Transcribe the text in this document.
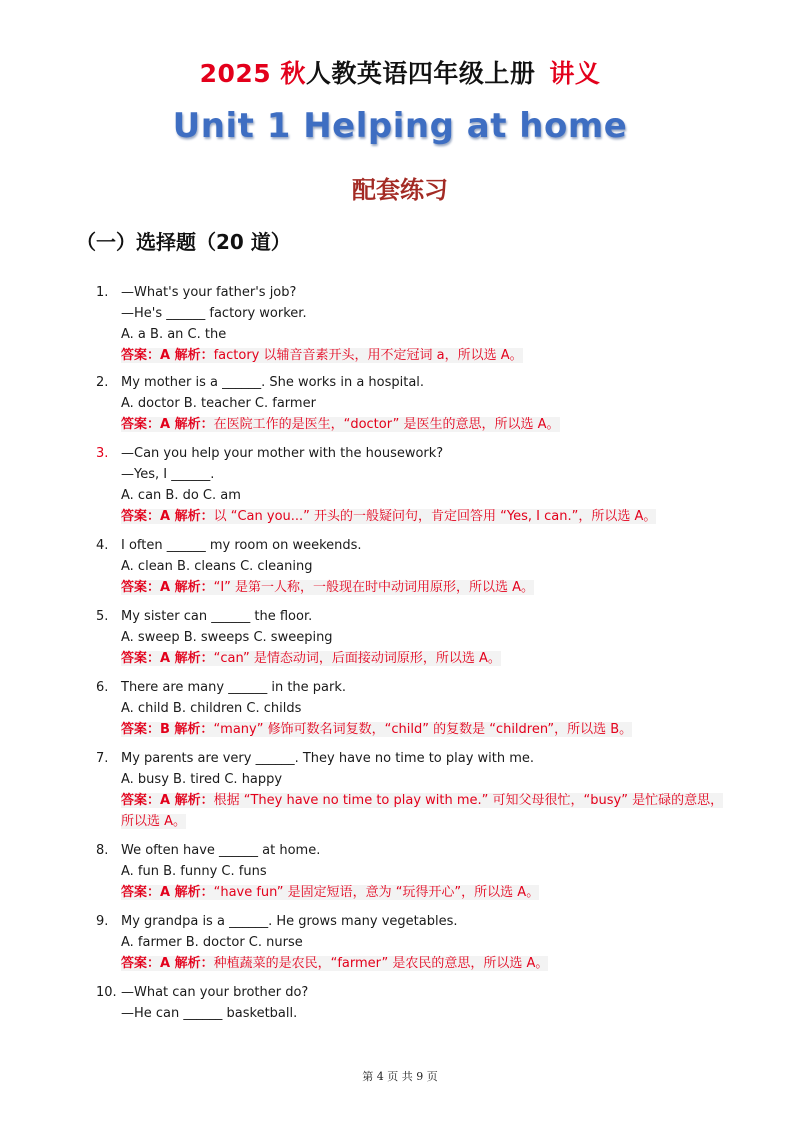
2025 秋人教英语四年级上册 讲义
Unit 1 Helping at home
配套练习
（一）选择题（20 道）
1. —What's your father's job?
—He's ______ factory worker.
A. a B. an C. the
答案：A 解析：factory 以辅音音素开头，用不定冠词 a，所以选 A。
2. My mother is a ______. She works in a hospital.
A. doctor B. teacher C. farmer
答案：A 解析：在医院工作的是医生，“doctor” 是医生的意思，所以选 A。
3. —Can you help your mother with the housework?
—Yes, I ______.
A. can B. do C. am
答案：A 解析：以 “Can you...” 开头的一般疑问句，肯定回答用 “Yes, I can.”，所以选 A。
4. I often ______ my room on weekends.
A. clean B. cleans C. cleaning
答案：A 解析：“I” 是第一人称，一般现在时中动词用原形，所以选 A。
5. My sister can ______ the floor.
A. sweep B. sweeps C. sweeping
答案：A 解析：“can” 是情态动词，后面接动词原形，所以选 A。
6. There are many ______ in the park.
A. child B. children C. childs
答案：B 解析：“many” 修饰可数名词复数，“child” 的复数是 “children”，所以选 B。
7. My parents are very ______. They have no time to play with me.
A. busy B. tired C. happy
答案：A 解析：根据 “They have no time to play with me.” 可知父母很忙，“busy” 是忙碌的意思，所以选 A。
8. We often have ______ at home.
A. fun B. funny C. funs
答案：A 解析：“have fun” 是固定短语，意为 “玩得开心”，所以选 A。
9. My grandpa is a ______. He grows many vegetables.
A. farmer B. doctor C. nurse
答案：A 解析：种植蔬菜的是农民，“farmer” 是农民的意思，所以选 A。
10. —What can your brother do?
—He can ______ basketball.
第 4 页 共 9 页
